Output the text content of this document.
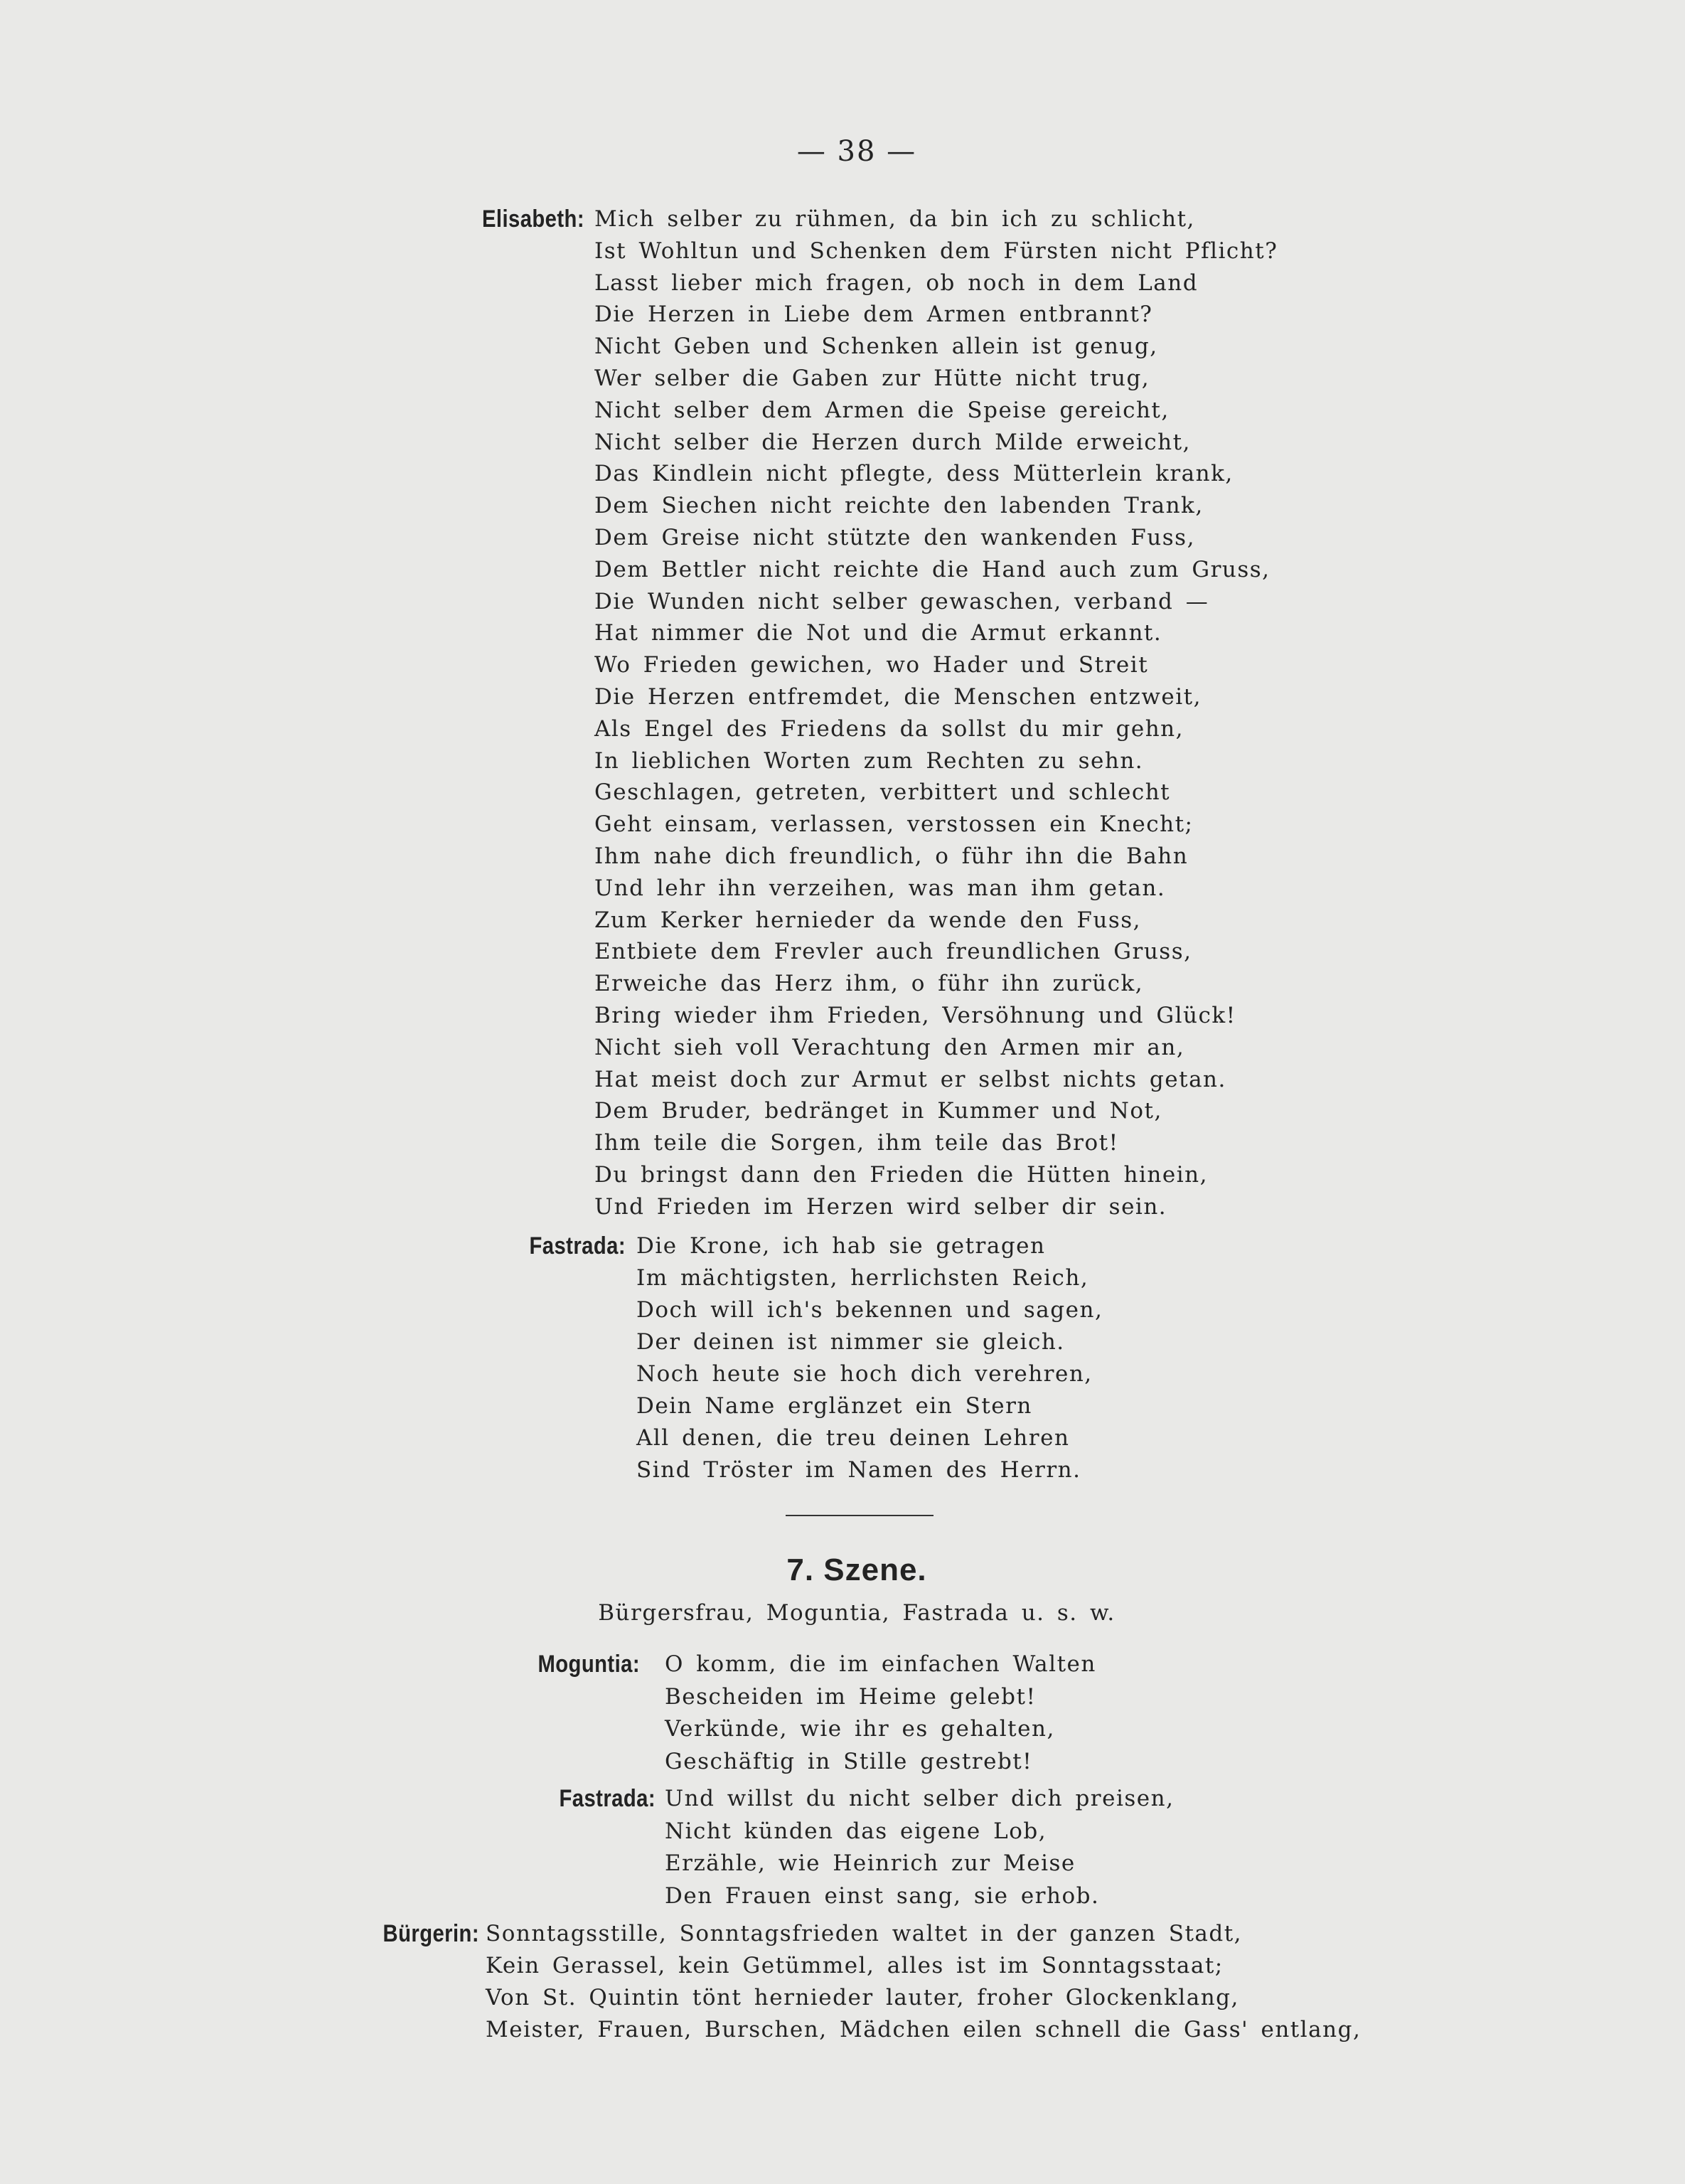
— 38 —
Elisabeth: Mich selber zu rühmen, da bin ich zu schlicht,
Ist Wohltun und Schenken dem Fürsten nicht Pflicht?
Lasst lieber mich fragen, ob noch in dem Land
Die Herzen in Liebe dem Armen entbrannt?
Nicht Geben und Schenken allein ist genug,
Wer selber die Gaben zur Hütte nicht trug,
Nicht selber dem Armen die Speise gereicht,
Nicht selber die Herzen durch Milde erweicht,
Das Kindlein nicht pflegte, dess Mütterlein krank,
Dem Siechen nicht reichte den labenden Trank,
Dem Greise nicht stützte den wankenden Fuss,
Dem Bettler nicht reichte die Hand auch zum Gruss,
Die Wunden nicht selber gewaschen, verband —
Hat nimmer die Not und die Armut erkannt.
Wo Frieden gewichen, wo Hader und Streit
Die Herzen entfremdet, die Menschen entzweit,
Als Engel des Friedens da sollst du mir gehn,
In lieblichen Worten zum Rechten zu sehn.
Geschlagen, getreten, verbittert und schlecht
Geht einsam, verlassen, verstossen ein Knecht;
Ihm nahe dich freundlich, o führ ihn die Bahn
Und lehr ihn verzeihen, was man ihm getan.
Zum Kerker hernieder da wende den Fuss,
Entbiete dem Frevler auch freundlichen Gruss,
Erweiche das Herz ihm, o führ ihn zurück,
Bring wieder ihm Frieden, Versöhnung und Glück!
Nicht sieh voll Verachtung den Armen mir an,
Hat meist doch zur Armut er selbst nichts getan.
Dem Bruder, bedränget in Kummer und Not,
Ihm teile die Sorgen, ihm teile das Brot!
Du bringst dann den Frieden die Hütten hinein,
Und Frieden im Herzen wird selber dir sein.
Fastrada: Die Krone, ich hab sie getragen
Im mächtigsten, herrlichsten Reich,
Doch will ich's bekennen und sagen,
Der deinen ist nimmer sie gleich.
Noch heute sie hoch dich verehren,
Dein Name erglänzet ein Stern
All denen, die treu deinen Lehren
Sind Tröster im Namen des Herrn.
7. Szene.
Bürgersfrau, Moguntia, Fastrada u. s. w.
Moguntia: O komm, die im einfachen Walten
Bescheiden im Heime gelebt!
Verkünde, wie ihr es gehalten,
Geschäftig in Stille gestrebt!
Fastrada: Und willst du nicht selber dich preisen,
Nicht künden das eigene Lob,
Erzähle, wie Heinrich zur Meise
Den Frauen einst sang, sie erhob.
Bürgerin: Sonntagsstille, Sonntagsfrieden waltet in der ganzen Stadt,
Kein Gerassel, kein Getümmel, alles ist im Sonntagsstaat;
Von St. Quintin tönt hernieder lauter, froher Glockenklang,
Meister, Frauen, Burschen, Mädchen eilen schnell die Gass' entlang,
